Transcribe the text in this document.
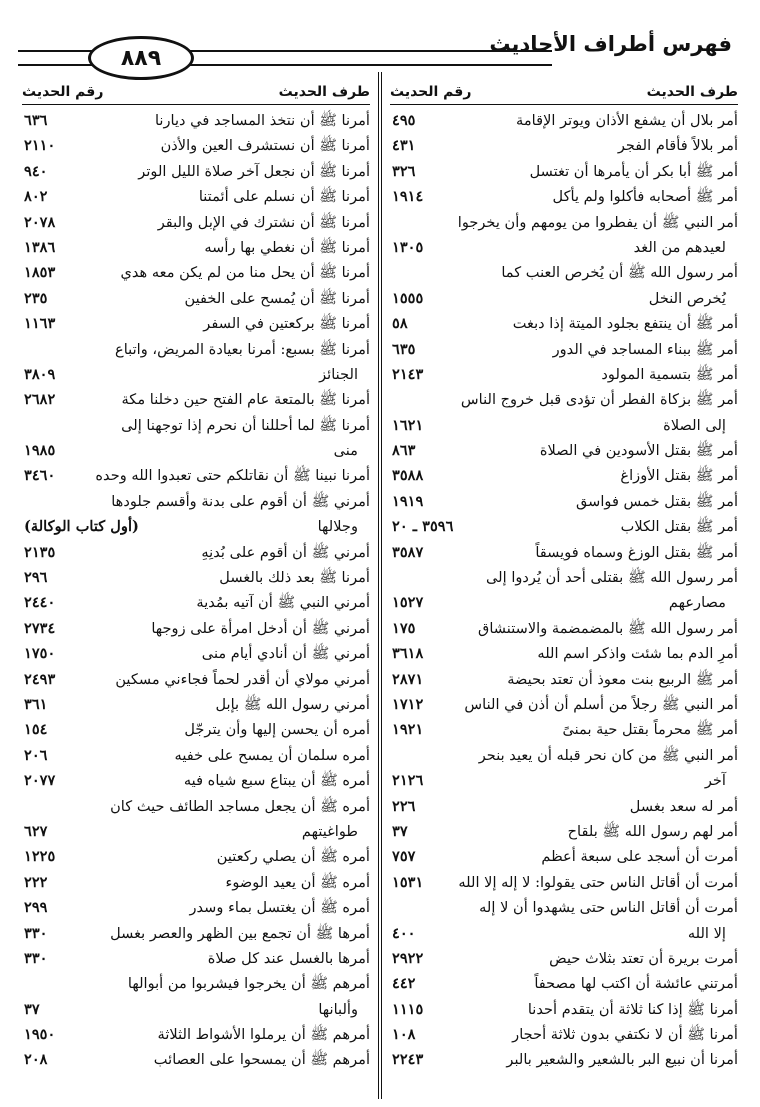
فهرس أطراف الأحاديث
٨٨٩
طرف الحديث
رقم الحديث
أمر بلال أن يشفع الأذان ويوتر الإقامة
٤٩٥
أمر بلالاً فأقام الفجر
٤٣١
أمر ﷺ أبا بكر أن يأمرها أن تغتسل
٣٢٦
أمر ﷺ أصحابه فأكلوا ولم يأكل
١٩١٤
أمر النبي ﷺ أن يفطروا من يومهم وأن يخرجوا
لعيدهم من الغد
١٣٠٥
أمر رسول الله ﷺ أن يُخرص العنب كما
يُخرص النخل
١٥٥٥
أمر ﷺ أن ينتفع بجلود الميتة إذا دبغت
٥٨
أمر ﷺ ببناء المساجد في الدور
٦٣٥
أمر ﷺ بتسمية المولود
٢١٤٣
أمر ﷺ بزكاة الفطر أن تؤدى قبل خروج الناس
إلى الصلاة
١٦٢١
أمر ﷺ بقتل الأسودين في الصلاة
٨٦٣
أمر ﷺ بقتل الأوزاغ
٣٥٨٨
أمر ﷺ بقتل خمس فواسق
١٩١٩
أمر ﷺ بقتل الكلاب
٣٥٩٦ ـ ٢٠
أمر ﷺ بقتل الوزغ وسماه فويسقاً
٣٥٨٧
أمر رسول الله ﷺ بقتلى أحد أن يُردوا إلى
مصارعهم
١٥٢٧
أمر رسول الله ﷺ بالمضمضمة والاستنشاق
١٧٥
أمرِ الدم بما شئت واذكر اسم الله
٣٦١٨
أمر ﷺ الربيع بنت معوذ أن تعتد بحيضة
٢٨٧١
أمر النبي ﷺ رجلاً من أسلم أن أذن في الناس
١٧١٢
أمر ﷺ محرماً بقتل حية بمنىً
١٩٢١
أمر النبي ﷺ من كان نحر قبله أن يعيد بنحر
آخر
٢١٢٦
أمر له سعد بغسل
٢٢٦
أمر لهم رسول الله ﷺ بلقاح
٣٧
أمرت أن أسجد على سبعة أعظم
٧٥٧
أمرت أن أقاتل الناس حتى يقولوا: لا إله إلا الله
١٥٣١
أمرت أن أقاتل الناس حتى يشهدوا أن لا إله
إلا الله
٤٠٠
أمرت بريرة أن تعتد بثلاث حيض
٢٩٢٢
أمرتني عائشة أن اكتب لها مصحفاً
٤٤٢
أمرنا ﷺ إذا كنا ثلاثة أن يتقدم أحدنا
١١١٥
أمرنا ﷺ أن لا نكتفي بدون ثلاثة أحجار
١٠٨
أمرنا أن نبيع البر بالشعير والشعير بالبر
٢٢٤٣
طرف الحديث
رقم الحديث
أمرنا ﷺ أن نتخذ المساجد في ديارنا
٦٣٦
أمرنا ﷺ أن نستشرف العين والأذن
٢١١٠
أمرنا ﷺ أن نجعل آخر صلاة الليل الوتر
٩٤٠
أمرنا ﷺ أن نسلم على أئمتنا
٨٠٢
أمرنا ﷺ أن نشترك في الإبل والبقر
٢٠٧٨
أمرنا ﷺ أن نغطي بها رأسه
١٣٨٦
أمرنا ﷺ أن يحل منا من لم يكن معه هدي
١٨٥٣
أمرنا ﷺ أن يُمسح على الخفين
٢٣٥
أمرنا ﷺ بركعتين في السفر
١١٦٣
أمرنا ﷺ بسبع: أمرنا بعيادة المريض، واتباع
الجنائز
٣٨٠٩
أمرنا ﷺ بالمتعة عام الفتح حين دخلنا مكة
٢٦٨٢
أمرنا ﷺ لما أحللنا أن نحرم إذا توجهنا إلى
منى
١٩٨٥
أمرنا نبينا ﷺ أن نقاتلكم حتى تعبدوا الله وحده
٣٤٦٠
أمرني ﷺ أن أقوم على بدنة وأقسم جلودها
وجلالها
(أول كتاب الوكالة)
أمرني ﷺ أن أقوم على بُدنِهِ
٢١٣٥
أمرنا ﷺ بعد ذلك بالغسل
٢٩٦
أمرني النبي ﷺ أن آتيه بمُدية
٢٤٤٠
أمرني ﷺ أن أدخل امرأة على زوجها
٢٧٣٤
أمرني ﷺ أن أنادي أيام منى
١٧٥٠
أمرني مولاي أن أقدر لحماً فجاءني مسكين
٢٤٩٣
أمرني رسول الله ﷺ بإبل
٣٦١
أمره أن يحسن إليها وأن يترجّل
١٥٤
أمره سلمان أن يمسح على خفيه
٢٠٦
أمره ﷺ أن يبتاع سبع شياه فيه
٢٠٧٧
أمره ﷺ أن يجعل مساجد الطائف حيث كان
طواغيتهم
٦٢٧
أمره ﷺ أن يصلي ركعتين
١٢٢٥
أمره ﷺ أن يعيد الوضوء
٢٢٢
أمره ﷺ أن يغتسل بماء وسدر
٢٩٩
أمرها ﷺ أن تجمع بين الظهر والعصر بغسل
٣٣٠
أمرها بالغسل عند كل صلاة
٣٣٠
أمرهم ﷺ أن يخرجوا فيشربوا من أبوالها
وألبانها
٣٧
أمرهم ﷺ أن يرملوا الأشواط الثلاثة
١٩٥٠
أمرهم ﷺ أن يمسحوا على العصائب
٢٠٨
